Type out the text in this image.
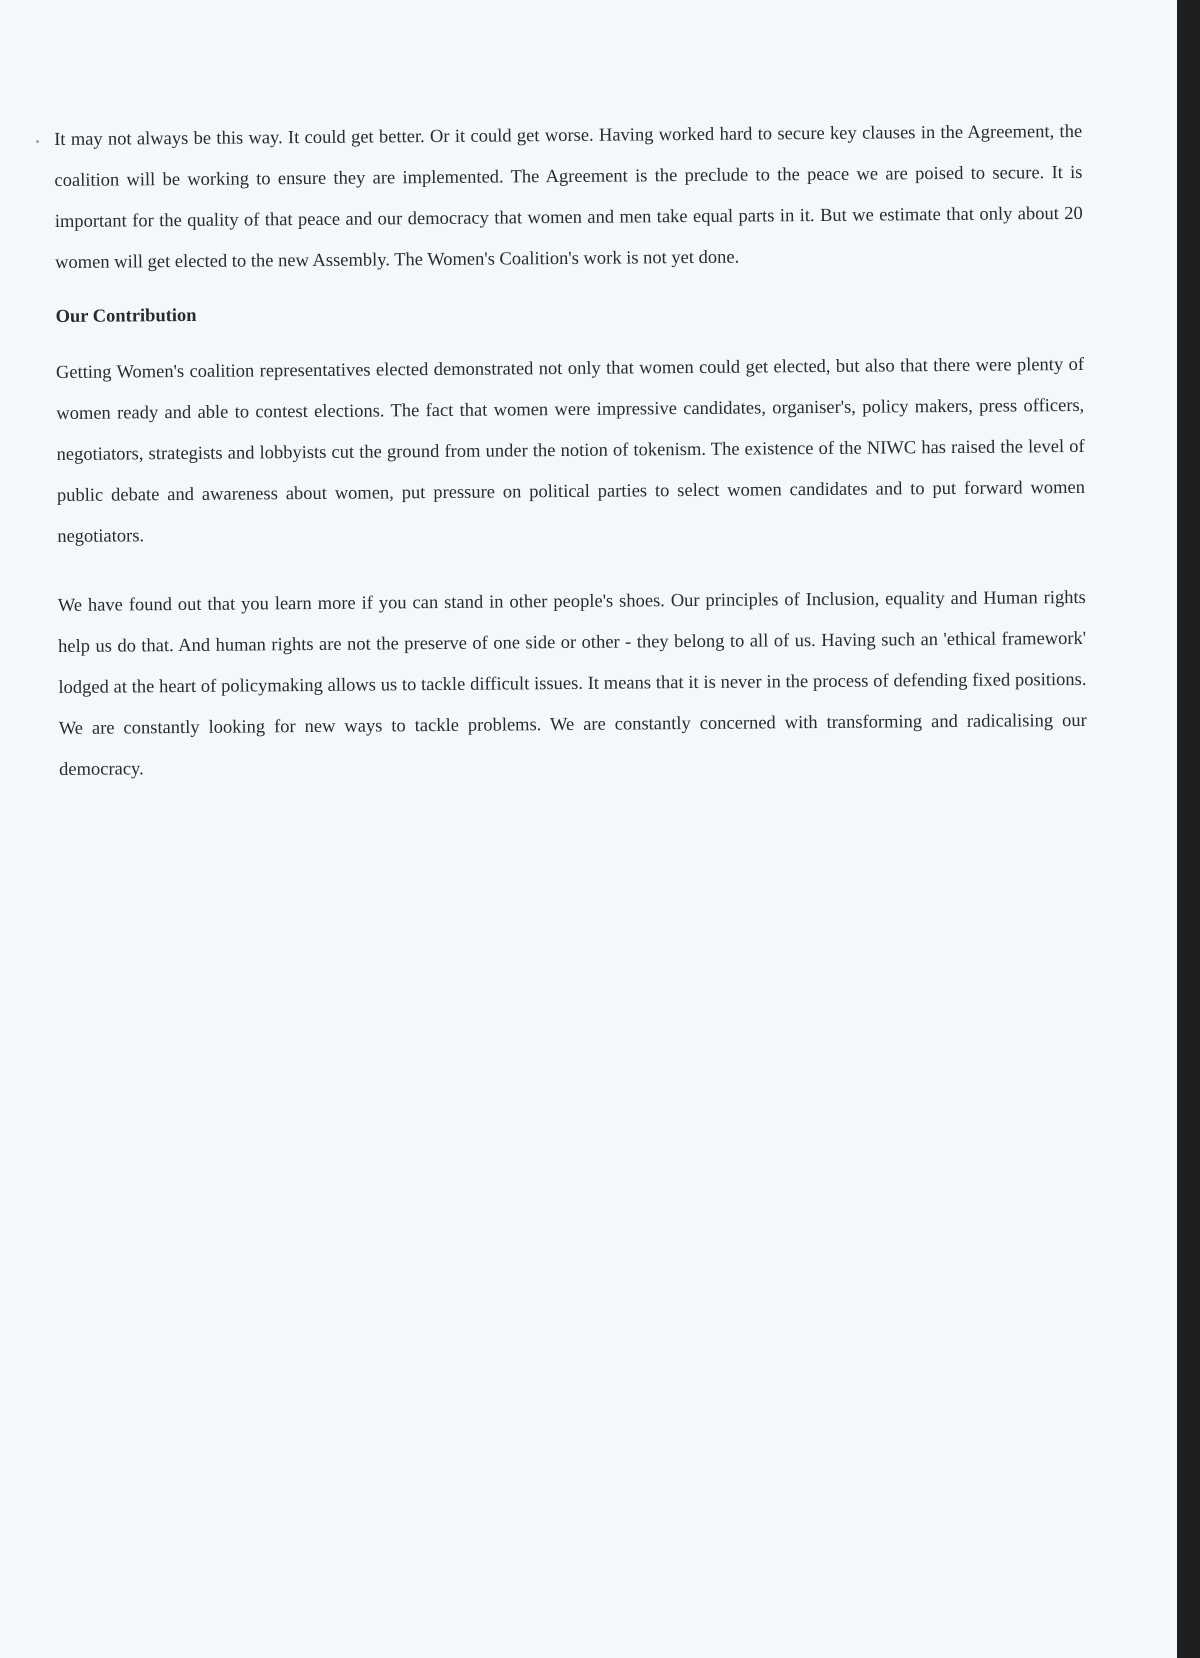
It may not always be this way. It could get better. Or it could get worse. Having worked hard to secure key clauses in the Agreement, the coalition will be working to ensure they are implemented. The Agreement is the preclude to the peace we are poised to secure. It is important for the quality of that peace and our democracy that women and men take equal parts in it. But we estimate that only about 20 women will get elected to the new Assembly. The Women's Coalition's work is not yet done.

Our Contribution

Getting Women's coalition representatives elected demonstrated not only that women could get elected, but also that there were plenty of women ready and able to contest elections. The fact that women were impressive candidates, organiser's, policy makers, press officers, negotiators, strategists and lobbyists cut the ground from under the notion of tokenism. The existence of the NIWC has raised the level of public debate and awareness about women, put pressure on political parties to select women candidates and to put forward women negotiators.

We have found out that you learn more if you can stand in other people's shoes. Our principles of Inclusion, equality and Human rights help us do that. And human rights are not the preserve of one side or other - they belong to all of us. Having such an 'ethical framework' lodged at the heart of policymaking allows us to tackle difficult issues. It means that it is never in the process of defending fixed positions. We are constantly looking for new ways to tackle problems. We are constantly concerned with transforming and radicalising our democracy.
